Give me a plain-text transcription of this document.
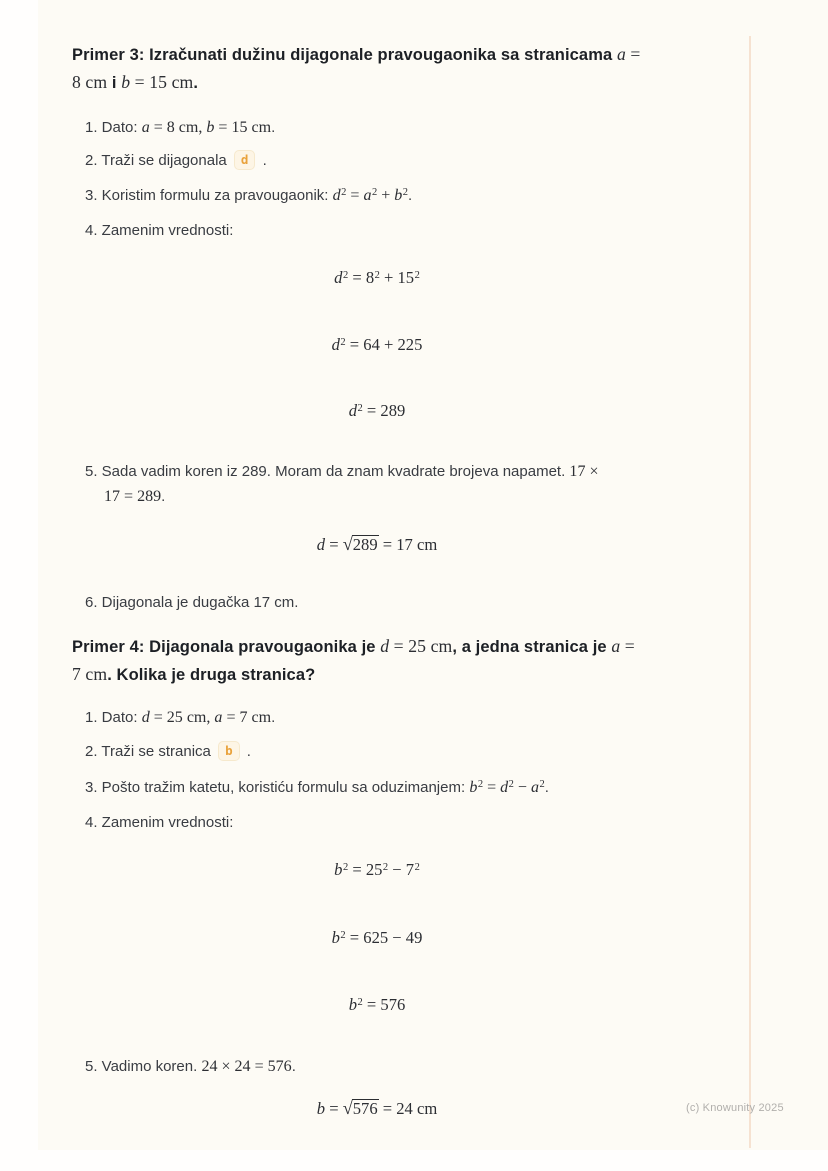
Primer 3: Izračunati dužinu dijagonale pravougaonika sa stranicama a =
8 cm i b = 15 cm.
1. Dato: a = 8 cm, b = 15 cm.
2. Traži se dijagonala d .
3. Koristim formulu za pravougaonik: $d^2 = a^2 + b^2$.
4. Zamenim vrednosti:
$d^2 = 8^2 + 15^2$
$d^2 = 64 + 225$
$d^2 = 289$
5. Sada vadim koren iz 289. Moram da znam kvadrate brojeva napamet. 17 ×
17 = 289.
d = √289 = 17 cm
6. Dijagonala je dugačka 17 cm.
Primer 4: Dijagonala pravougaonika je d = 25 cm, a jedna stranica je a =
7 cm. Kolika je druga stranica?
1. Dato: d = 25 cm, a = 7 cm.
2. Traži se stranica b .
3. Pošto tražim katetu, koristiću formulu sa oduzimanjem: $b^2 = d^2 - a^2$.
4. Zamenim vrednosti:
$b^2 = 25^2 - 7^2$
$b^2 = 625 - 49$
$b^2 = 576$
5. Vadimo koren. 24 × 24 = 576.
b = √576 = 24 cm	(c) Knowunity 2025
